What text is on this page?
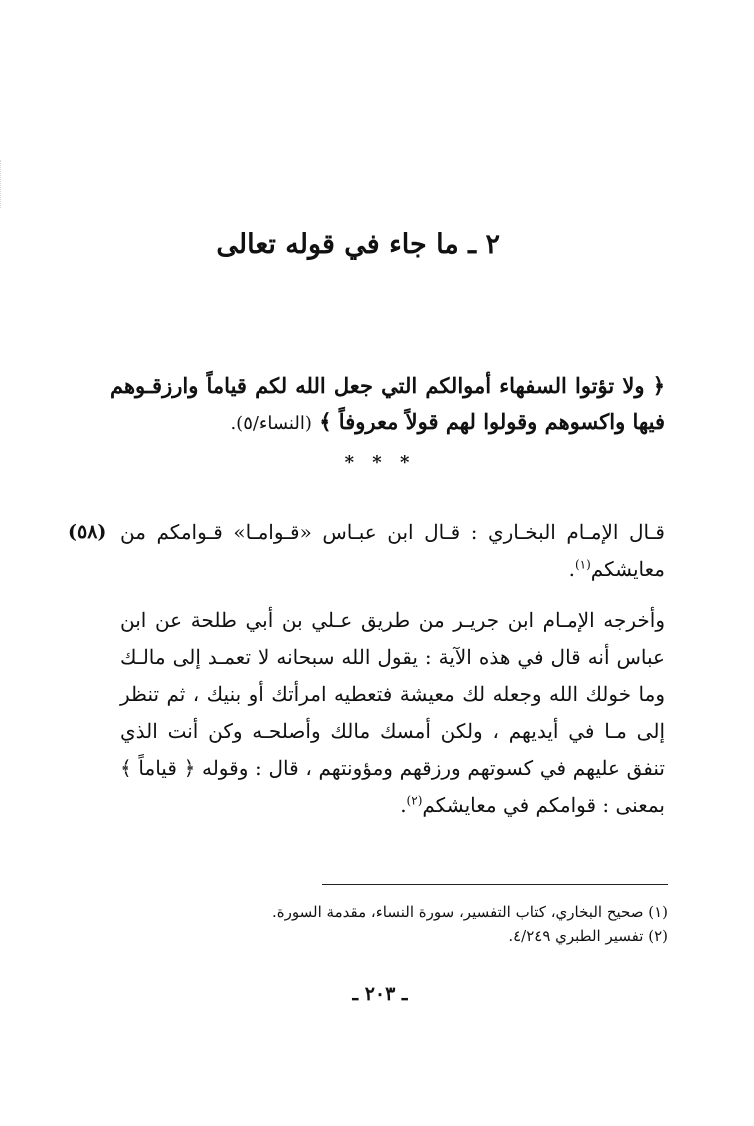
٢ ـ ما جاء في قوله تعالى
﴿ ولا تؤتوا السفهاء أموالكم التي جعل الله لكم قياماً وارزقـوهم فيها واكسوهم وقولوا لهم قولاً معروفاً ﴾ (النساء/٥).
* * *
(٥٨) قـال الإمـام البخـاري : قـال ابن عبـاس «قـوامـا» قـوامكم من معايشكم$^{(١)}$.
وأخرجه الإمـام ابن جريـر من طريق عـلي بن أبي طلحة عن ابن عباس أنه قال في هذه الآية : يقول الله سبحانه لا تعمـد إلى مالـك وما خولك الله وجعله لك معيشة فتعطيه امرأتك أو بنيك ، ثم تنظر إلى مـا في أيديهم ، ولكن أمسك مالك وأصلحـه وكن أنت الذي تنفق عليهم في كسوتهم ورزقهم ومؤونتهم ، قال : وقوله ﴿ قياماً ﴾ بمعنى : قوامكم في معايشكم$^{(٢)}$.
(١) صحيح البخاري، كتاب التفسير، سورة النساء، مقدمة السورة.
(٢) تفسير الطبري ٤/٢٤٩.
ـ ٢٠٣ ـ
